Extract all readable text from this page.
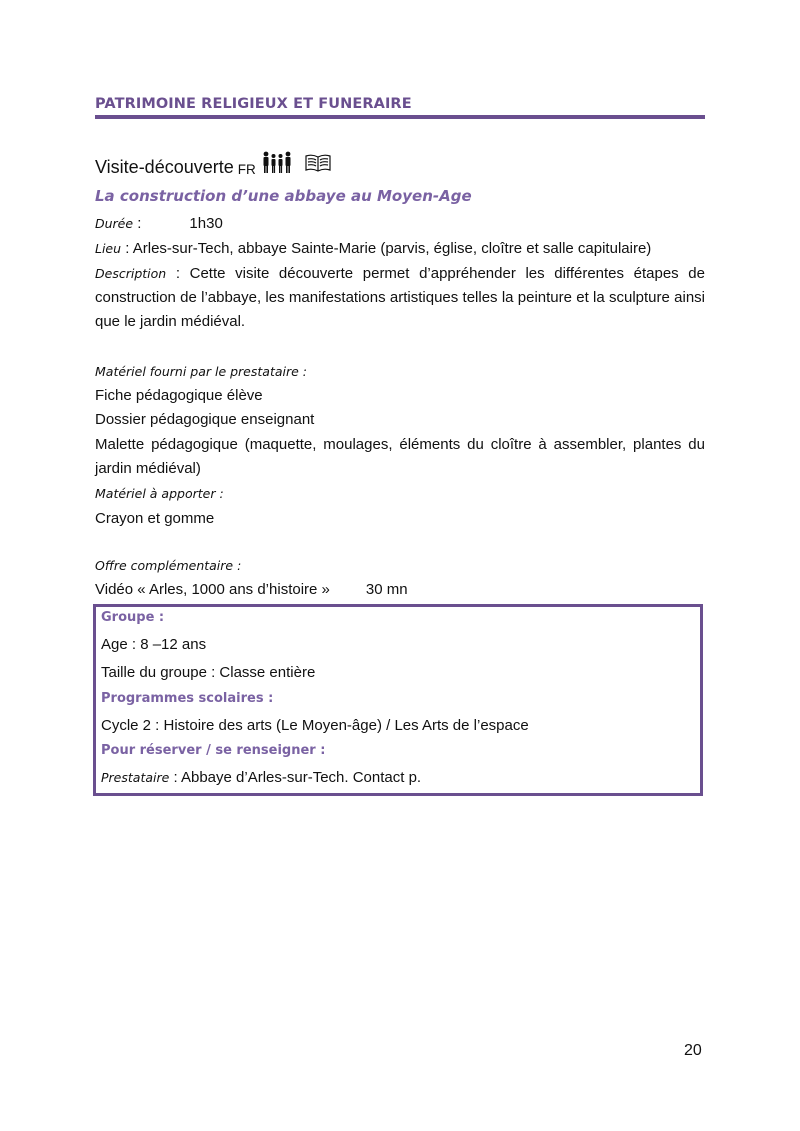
PATRIMOINE RELIGIEUX ET FUNERAIRE
Visite-découverte FR
La construction d’une abbaye au Moyen-Age
Durée :	1h30
Lieu : Arles-sur-Tech, abbaye Sainte-Marie (parvis, église, cloître et salle capitulaire)
Description : Cette visite découverte permet d’appréhender les différentes étapes de construction de l’abbaye, les manifestations artistiques telles la peinture et la sculpture ainsi que le jardin médiéval.
Matériel fourni par le prestataire :
Fiche pédagogique élève
Dossier pédagogique enseignant
Malette pédagogique (maquette, moulages, éléments du cloître à assembler, plantes du jardin médiéval)
Matériel à apporter :
Crayon et gomme
Offre complémentaire :
Vidéo « Arles, 1000 ans d’histoire » 30 mn
Groupe :
Age : 8 –12 ans
Taille du groupe : Classe entière
Programmes scolaires :
Cycle 2 : Histoire des arts (Le Moyen-âge) / Les Arts de l’espace
Pour réserver / se renseigner :
Prestataire : Abbaye d’Arles-sur-Tech. Contact p.
20
